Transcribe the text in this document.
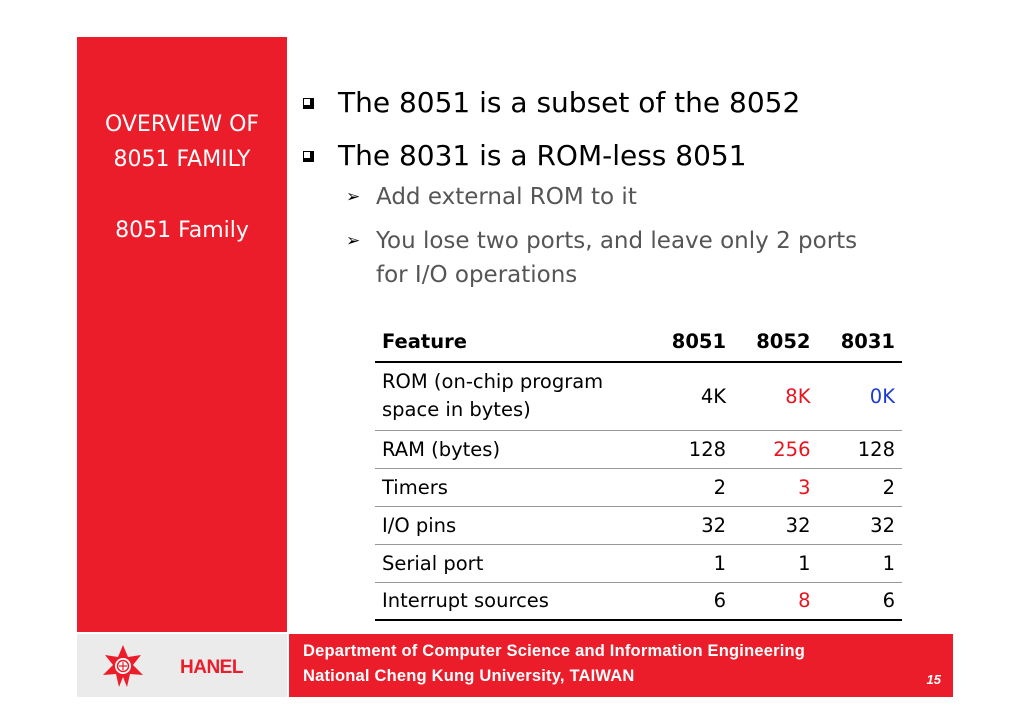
OVERVIEW OF
8051 FAMILY
8051 Family
The 8051 is a subset of the 8052
The 8031 is a ROM-less 8051
➢ Add external ROM to it
➢ You lose two ports, and leave only 2 ports
for I/O operations
Feature	8051	8052	8031

ROM (on-chip program
space in bytes)	4K	8K	0K
RAM (bytes)	128	256	128
Timers	2	3	2
I/O pins	32	32	32
Serial port	1	1	1
Interrupt sources	6	8	6
HANEL
Department of Computer Science and Information Engineering
National Cheng Kung University, TAIWAN	15
